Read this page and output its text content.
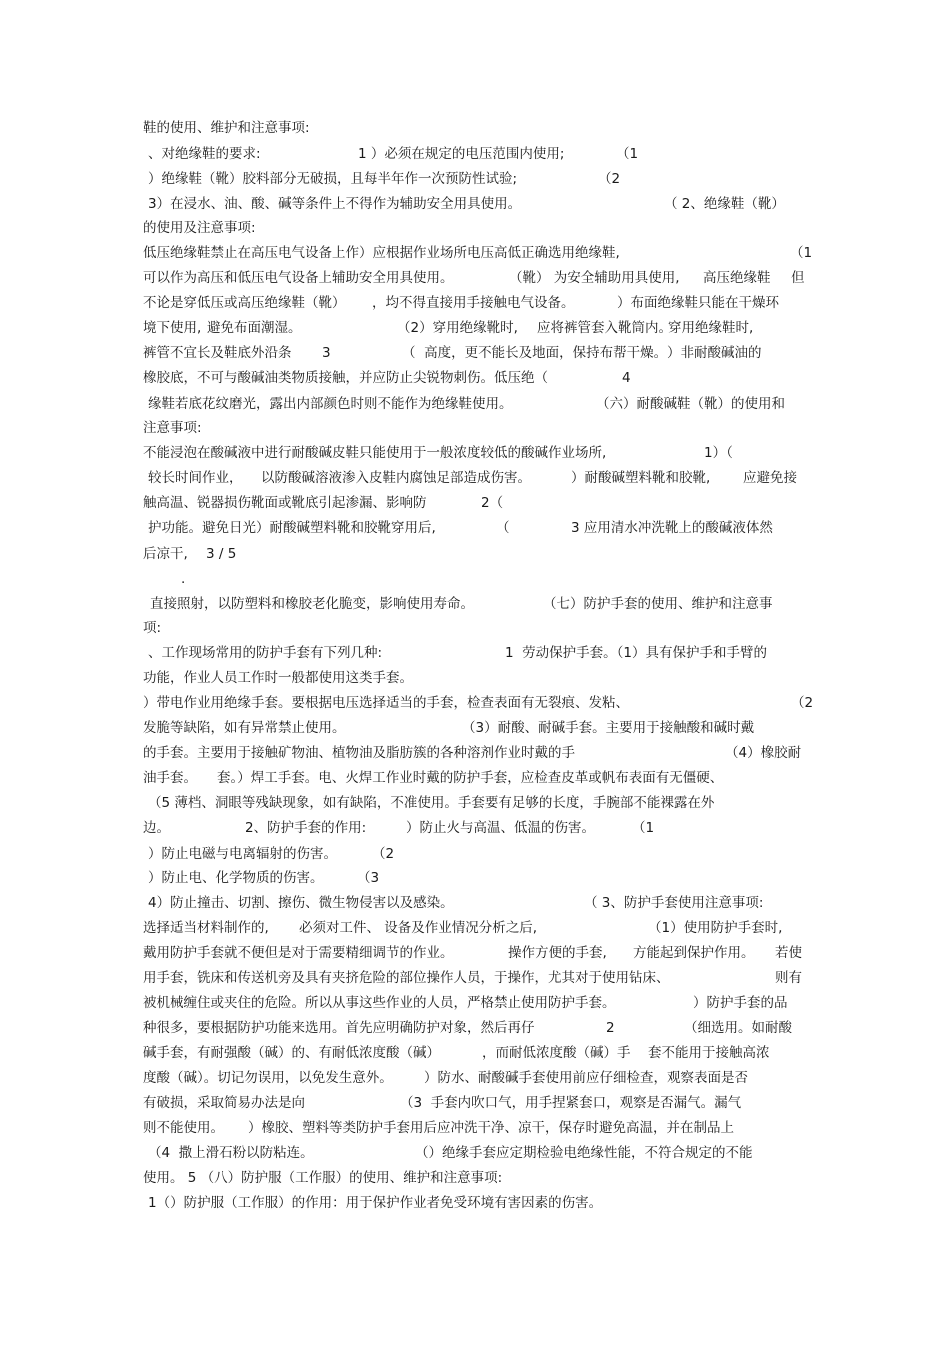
鞋的使用、维护和注意事项:
、对绝缘鞋的要求:	1 ）必须在规定的电压范围内使用;	（1
）绝缘鞋（靴）胶料部分无破损，且每半年作一次预防性试验;	（2
3）在浸水、油、酸、碱等条件上不得作为辅助安全用具使用。	（ 2、绝缘鞋（靴）
的使用及注意事项:
低压绝缘鞋禁止在高压电气设备上作）应根据作业场所电压高低正确选用绝缘鞋,	（1
可以作为高压和低压电气设备上辅助安全用具使用。	（靴） 为安全辅助用具使用, 高压绝缘鞋 但
不论是穿低压或高压绝缘鞋（靴） ，均不得直接用手接触电气设备。	）布面绝缘鞋只能在干燥环
境下使用, 避免布面潮湿。	（2）穿用绝缘靴时, 应将裤管套入靴筒内。
穿用绝缘鞋时,
裤管不宜长及鞋底外沿条 3	（  高度，更不能长及地面，保持布帮干燥。 ）非耐酸碱油的
橡胶底，不可与酸碱油类物质接触，并应防止尖锐物刺伤。低压绝（	4
缘鞋若底花纹磨光，露出内部颜色时则不能作为绝缘鞋使用。	（六）耐酸碱鞋（靴）的使用和
注意事项:
不能浸泡在酸碱液中进行耐酸碱皮鞋只能使用于一般浓度较低的酸碱作业场所,	1）（
较长时间作业， 以防酸碱溶液渗入皮鞋内腐蚀足部造成伤害。	）耐酸碱塑料靴和胶靴, 应避免接
触高温、锐器损伤靴面或靴底引起渗漏、影响防	2（
护功能。避免日光）耐酸碱塑料靴和胶靴穿用后,	（	3 应用清水冲洗靴上的酸碱液体然
后凉干, 3 / 5
.
直接照射，以防塑料和橡胶老化脆变，影响使用寿命。	（七）防护手套的使用、维护和注意事
项:
、工作现场常用的防护手套有下列几种:	1  劳动保护手套。（1）具有保护手和手臂的
功能，作业人员工作时一般都使用这类手套。
）带电作业用绝缘手套。要根据电压选择适当的手套，检查表面有无裂痕、发粘、	（2
发脆等缺陷，如有异常禁止使用。	（3）耐酸、耐碱手套。主要用于接触酸和碱时戴
的手套。主要用于接触矿物油、植物油及脂肪簇的各种溶剂作业时戴的手	（4）橡胶耐
油手套。 套。）焊工手套。电、火焊工作业时戴的防护手套，应检查皮革或帆布表面有无僵硬、
（5 薄档、洞眼等残缺现象，如有缺陷，不准使用。手套要有足够的长度，手腕部不能裸露在外
边。	2、防护手套的作用:	）防止火与高温、低温的伤害。	（1
）防止电磁与电离辐射的伤害。	（2
）防止电、化学物质的伤害。 （3
4）防止撞击、切割、擦伤、微生物侵害以及感染。	（ 3、防护手套使用注意事项:
选择适当材料制作的, 必须对工件、 设备及作业情况分析之后,	（1）使用防护手套时,
戴用防护手套就不便但是对于需要精细调节的作业。	操作方便的手套, 方能起到保护作用。 若使
用手套，铣床和传送机旁及具有夹挤危险的部位操作人员，于操作，尤其对于使用钻床、	则有
被机械缠住或夹住的危险。所以从事这些作业的人员，严格禁止使用防护手套。	）防护手套的品
种很多，要根据防护功能来选用。首先应明确防护对象，然后再仔	2	（细选用。如耐酸
碱手套，有耐强酸（碱）的、有耐低浓度酸（碱）	，而耐低浓度酸（碱）手 套不能用于接触高浓
度酸（碱）。切记勿误用，以免发生意外。 ）防水、耐酸碱手套使用前应仔细检查，观察表面是否
有破损，采取简易办法是向	（3  手套内吹口气，用手捏紧套口，观察是否漏气。漏气
则不能使用。 ）橡胶、塑料等类防护手套用后应冲洗干净、凉干，保存时避免高温，并在制品上
（4  撒上滑石粉以防粘连。	（）绝缘手套应定期检验电绝缘性能，不符合规定的不能
使用。 5 （八）防护服（工作服）的使用、维护和注意事项:
1（）防护服（工作服）的作用：用于保护作业者免受环境有害因素的伤害。
